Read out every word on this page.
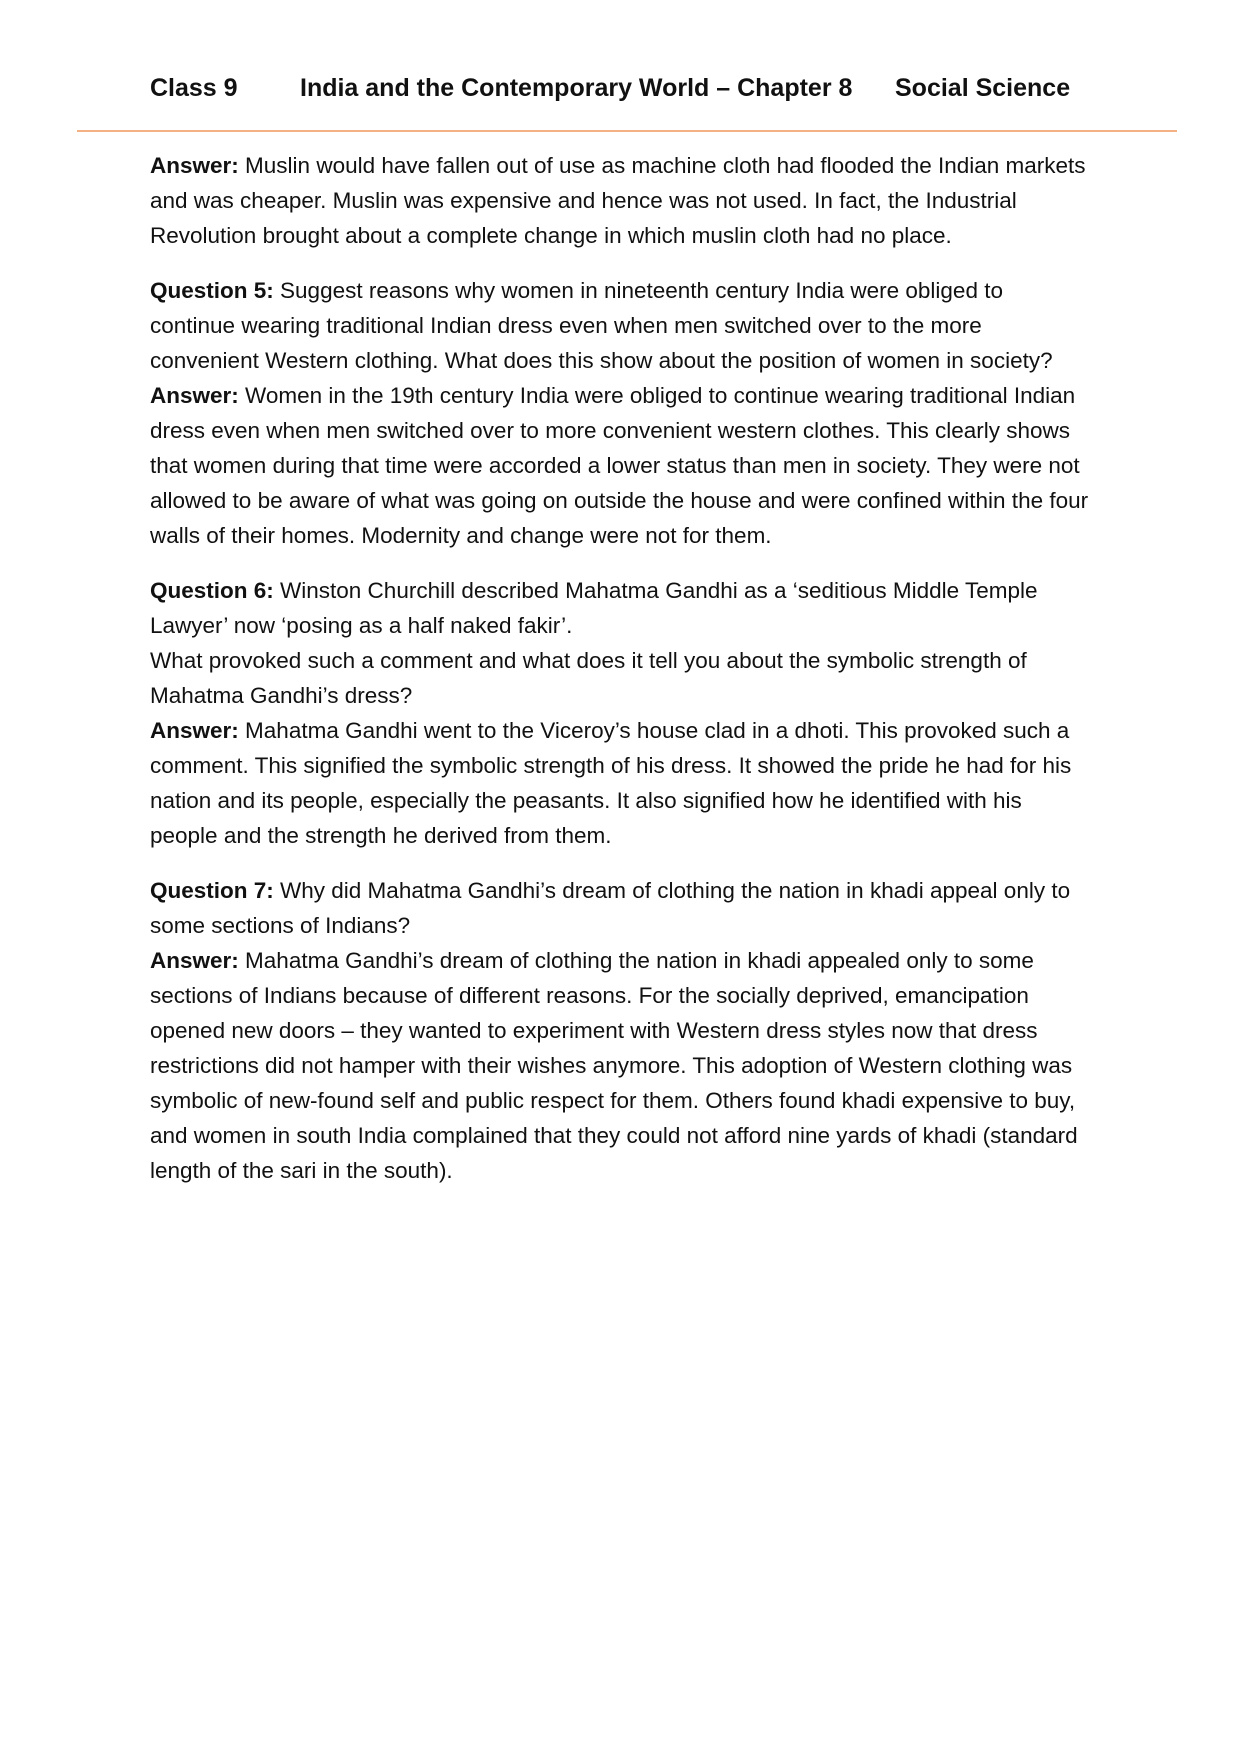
Class 9 India and the Contemporary World – Chapter 8 Social Science

Answer: Muslin would have fallen out of use as machine cloth had flooded the Indian markets and was cheaper. Muslin was expensive and hence was not used. In fact, the Industrial Revolution brought about a complete change in which muslin cloth had no place.

Question 5: Suggest reasons why women in nineteenth century India were obliged to continue wearing traditional Indian dress even when men switched over to the more convenient Western clothing. What does this show about the position of women in society?

Answer: Women in the 19th century India were obliged to continue wearing traditional Indian dress even when men switched over to more convenient western clothes. This clearly shows that women during that time were accorded a lower status than men in society. They were not allowed to be aware of what was going on outside the house and were confined within the four walls of their homes. Modernity and change were not for them.

Question 6: Winston Churchill described Mahatma Gandhi as a ‘seditious Middle Temple Lawyer’ now ‘posing as a half naked fakir’.

What provoked such a comment and what does it tell you about the symbolic strength of Mahatma Gandhi’s dress?

Answer: Mahatma Gandhi went to the Viceroy’s house clad in a dhoti. This provoked such a comment. This signified the symbolic strength of his dress. It showed the pride he had for his nation and its people, especially the peasants. It also signified how he identified with his people and the strength he derived from them.

Question 7: Why did Mahatma Gandhi’s dream of clothing the nation in khadi appeal only to some sections of Indians?

Answer: Mahatma Gandhi’s dream of clothing the nation in khadi appealed only to some sections of Indians because of different reasons. For the socially deprived, emancipation opened new doors – they wanted to experiment with Western dress styles now that dress restrictions did not hamper with their wishes anymore. This adoption of Western clothing was symbolic of new-found self and public respect for them. Others found khadi expensive to buy, and women in south India complained that they could not afford nine yards of khadi (standard length of the sari in the south).
